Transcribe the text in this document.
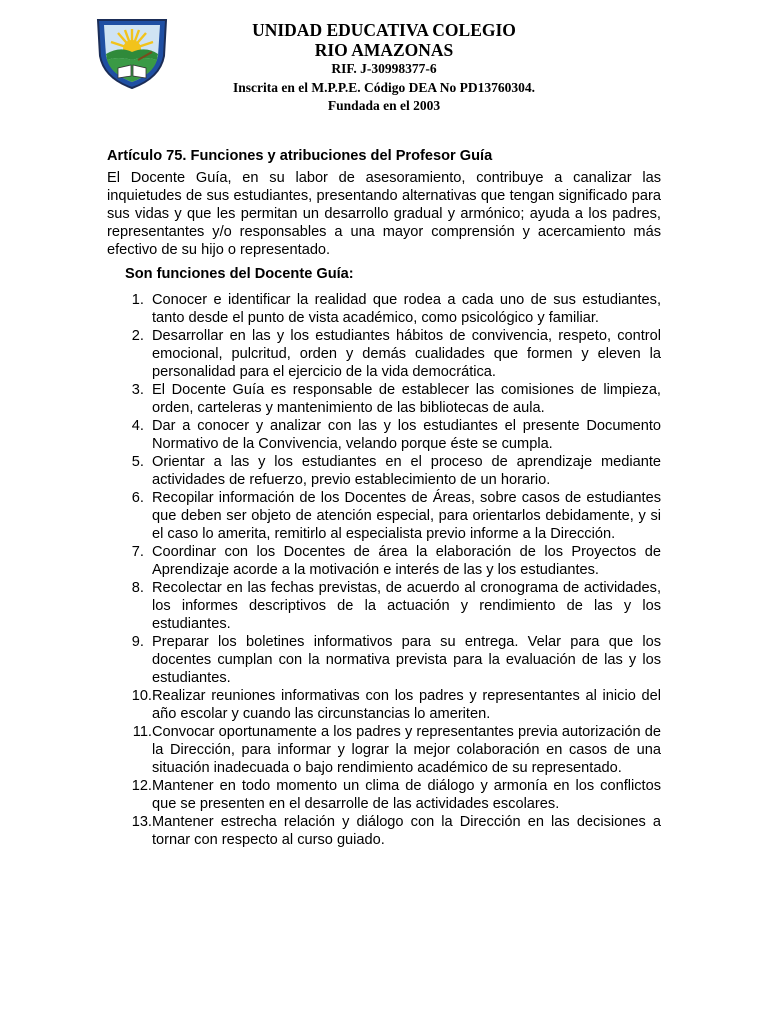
UNIDAD EDUCATIVA COLEGIO
RIO AMAZONAS
RIF. J-30998377-6
Inscrita en el M.P.P.E. Código DEA No PD13760304.
Fundada en el 2003

Artículo 75. Funciones y atribuciones del Profesor Guía

El Docente Guía, en su labor de asesoramiento, contribuye a canalizar las inquietudes de sus estudiantes, presentando alternativas que tengan significado para sus vidas y que les permitan un desarrollo gradual y armónico; ayuda a los padres, representantes y/o responsables a una mayor comprensión y acercamiento más efectivo de su hijo o representado.

Son funciones del Docente Guía:

1. Conocer e identificar la realidad que rodea a cada uno de sus estudiantes, tanto desde el punto de vista académico, como psicológico y familiar.
2. Desarrollar en las y los estudiantes hábitos de convivencia, respeto, control emocional, pulcritud, orden y demás cualidades que formen y eleven la personalidad para el ejercicio de la vida democrática.
3. El Docente Guía es responsable de establecer las comisiones de limpieza, orden, carteleras y mantenimiento de las bibliotecas de aula.
4. Dar a conocer y analizar con las y los estudiantes el presente Documento Normativo de la Convivencia, velando porque éste se cumpla.
5. Orientar a las y los estudiantes en el proceso de aprendizaje mediante actividades de refuerzo, previo establecimiento de un horario.
6. Recopilar información de los Docentes de Áreas, sobre casos de estudiantes que deben ser objeto de atención especial, para orientarlos debidamente, y si el caso lo amerita, remitirlo al especialista previo informe a la Dirección.
7. Coordinar con los Docentes de área la elaboración de los Proyectos de Aprendizaje acorde a la motivación e interés de las y los estudiantes.
8. Recolectar en las fechas previstas, de acuerdo al cronograma de actividades, los informes descriptivos de la actuación y rendimiento de las y los estudiantes.
9. Preparar los boletines informativos para su entrega. Velar para que los docentes cumplan con la normativa prevista para la evaluación de las y los estudiantes.
10. Realizar reuniones informativas con los padres y representantes al inicio del año escolar y cuando las circunstancias lo ameriten.
11. Convocar oportunamente a los padres y representantes previa autorización de la Dirección, para informar y lograr la mejor colaboración en casos de una situación inadecuada o bajo rendimiento académico de su representado.
12. Mantener en todo momento un clima de diálogo y armonía en los conflictos que se presenten en el desarrolle de las actividades escolares.
13. Mantener estrecha relación y diálogo con la Dirección en las decisiones a tornar con respecto al curso guiado.
